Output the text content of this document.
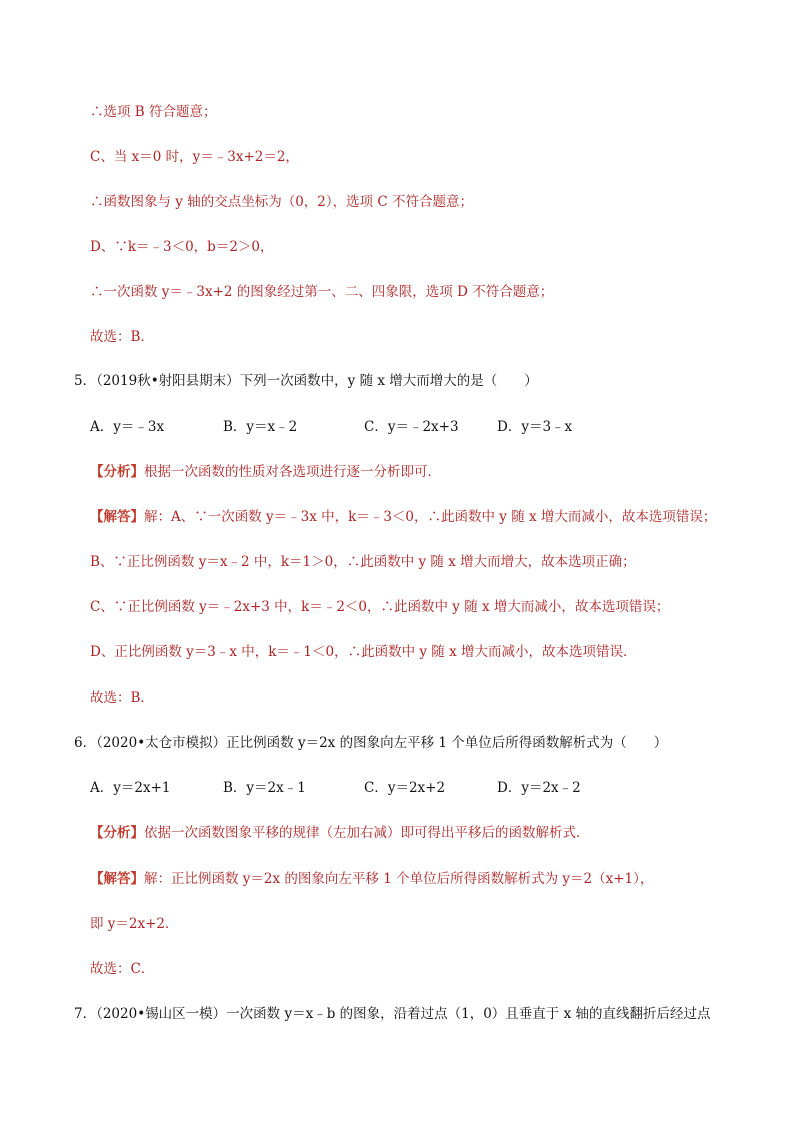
∴选项 B 符合题意；
C、当 x＝0 时，y＝﹣3x+2＝2，
∴函数图象与 y 轴的交点坐标为（0，2），选项 C 不符合题意；
D、∵k＝﹣3＜0，b＝2＞0，
∴一次函数 y＝﹣3x+2 的图象经过第一、二、四象限，选项 D 不符合题意；
故选：B．
5．（2019秋•射阳县期末）下列一次函数中，y 随 x 增大而增大的是（　　）
A．y＝﹣3x	B．y＝x﹣2	C．y＝﹣2x+3	D．y＝3﹣x
【分析】根据一次函数的性质对各选项进行逐一分析即可．
【解答】解：A、∵一次函数 y＝﹣3x 中，k＝﹣3＜0，∴此函数中 y 随 x 增大而减小，故本选项错误；
B、∵正比例函数 y＝x﹣2 中，k＝1＞0，∴此函数中 y 随 x 增大而增大，故本选项正确；
C、∵正比例函数 y＝﹣2x+3 中，k＝﹣2＜0，∴此函数中 y 随 x 增大而减小，故本选项错误；
D、正比例函数 y＝3﹣x 中，k＝﹣1＜0，∴此函数中 y 随 x 增大而减小，故本选项错误．
故选：B．
6．（2020•太仓市模拟）正比例函数 y＝2x 的图象向左平移 1 个单位后所得函数解析式为（　　）
A．y＝2x+1	B．y＝2x﹣1	C．y＝2x+2	D．y＝2x﹣2
【分析】依据一次函数图象平移的规律（左加右减）即可得出平移后的函数解析式．
【解答】解：正比例函数 y＝2x 的图象向左平移 1 个单位后所得函数解析式为 y＝2（x+1），
即 y＝2x+2．
故选：C．
7．（2020•锡山区一模）一次函数 y＝x﹣b 的图象，沿着过点（1，0）且垂直于 x 轴的直线翻折后经过点
